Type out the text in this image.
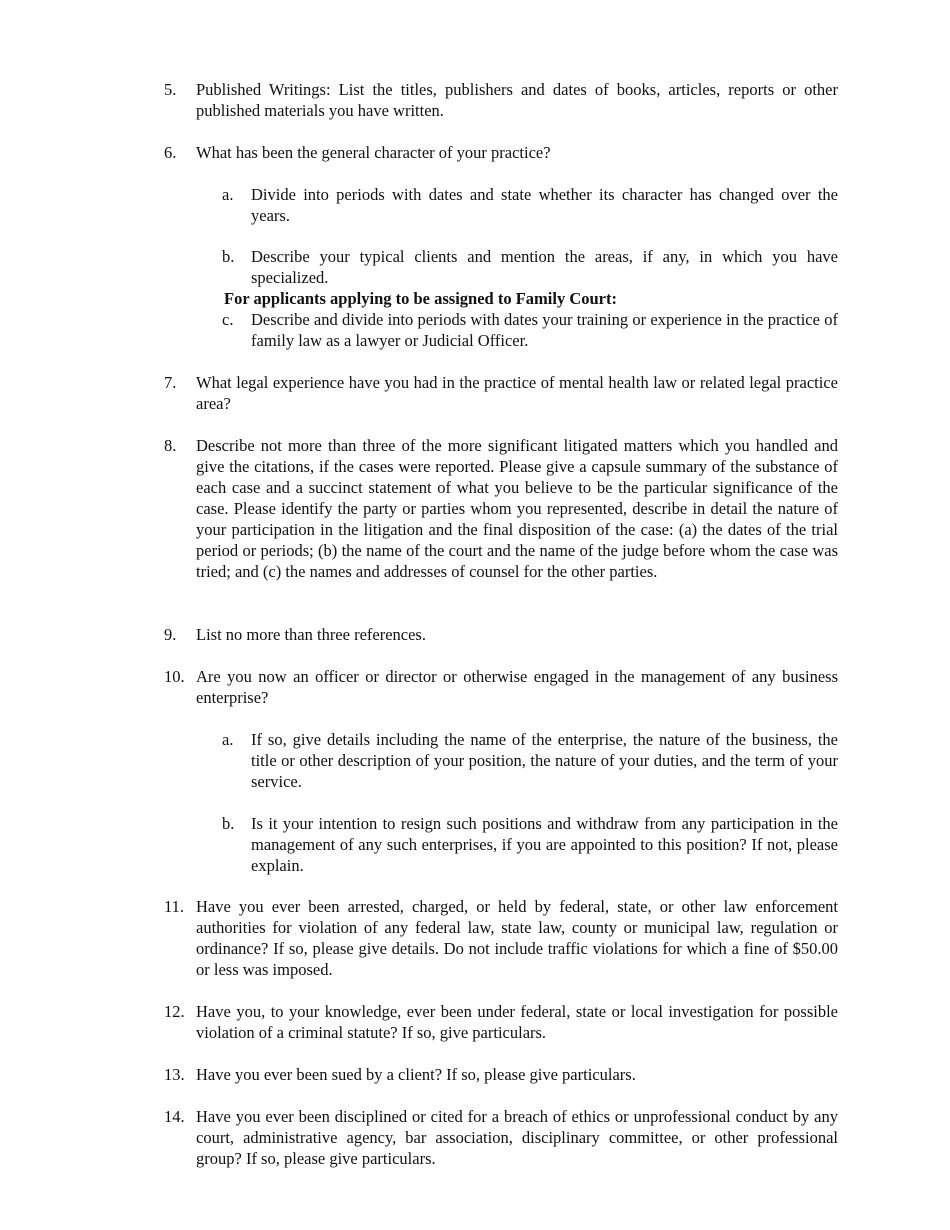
5.	Published Writings: List the titles, publishers and dates of books, articles, reports or other published materials you have written.
6.	What has been the general character of your practice?
a.	Divide into periods with dates and state whether its character has changed over the years.
b.	Describe your typical clients and mention the areas, if any, in which you have specialized.
For applicants applying to be assigned to Family Court:
c.	Describe and divide into periods with dates your training or experience in the practice of family law as a lawyer or Judicial Officer.
7.	What legal experience have you had in the practice of mental health law or related legal practice area?
8.	Describe not more than three of the more significant litigated matters which you handled and give the citations, if the cases were reported. Please give a capsule summary of the substance of each case and a succinct statement of what you believe to be the particular significance of the case. Please identify the party or parties whom you represented, describe in detail the nature of your participation in the litigation and the final disposition of the case: (a) the dates of the trial period or periods; (b) the name of the court and the name of the judge before whom the case was tried; and (c) the names and addresses of counsel for the other parties.
9.	List no more than three references.
10. Are you now an officer or director or otherwise engaged in the management of any business enterprise?
a.	If so, give details including the name of the enterprise, the nature of the business, the title or other description of your position, the nature of your duties, and the term of your service.
b.	Is it your intention to resign such positions and withdraw from any participation in the management of any such enterprises, if you are appointed to this position? If not, please explain.
11. Have you ever been arrested, charged, or held by federal, state, or other law enforcement authorities for violation of any federal law, state law, county or municipal law, regulation or ordinance? If so, please give details. Do not include traffic violations for which a fine of $50.00 or less was imposed.
12. Have you, to your knowledge, ever been under federal, state or local investigation for possible violation of a criminal statute? If so, give particulars.
13. Have you ever been sued by a client? If so, please give particulars.
14. Have you ever been disciplined or cited for a breach of ethics or unprofessional conduct by any court, administrative agency, bar association, disciplinary committee, or other professional group? If so, please give particulars.
